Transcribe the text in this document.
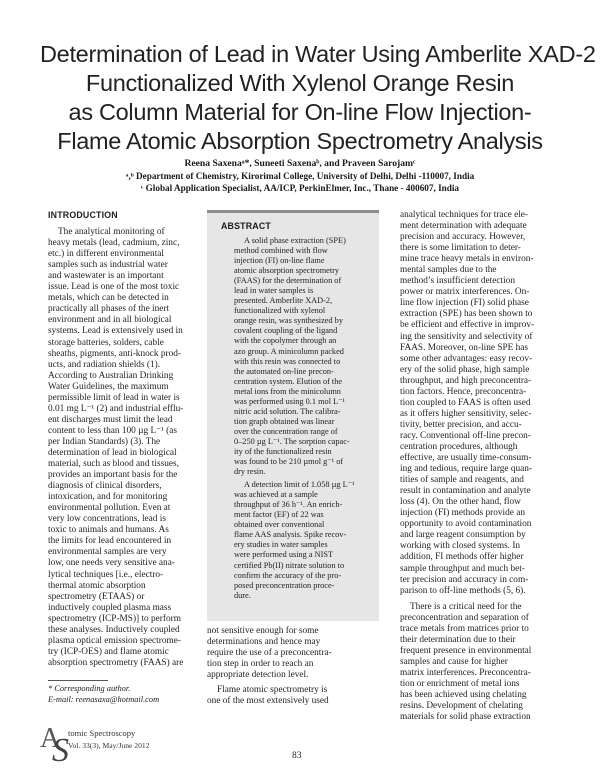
Determination of Lead in Water Using Amberlite XAD-2
Functionalized With Xylenol Orange Resin
as Column Material for On-line Flow Injection-
Flame Atomic Absorption Spectrometry Analysis
Reena Saxenaᵃ*, Suneeti Saxenaᵇ, and Praveen Sarojamᶜ
ᵃ,ᵇ Department of Chemistry, Kirorimal College, University of Delhi, Delhi -110007, India
ᶜ Global Application Specialist, AA/ICP, PerkinElmer, Inc., Thane - 400607, India
INTRODUCTION
The analytical monitoring of
heavy metals (lead, cadmium, zinc,
etc.) in different environmental
samples such as industrial water
and wastewater is an important
issue. Lead is one of the most toxic
metals, which can be detected in
practically all phases of the inert
environment and in all biological
systems. Lead is extensively used in
storage batteries, solders, cable
sheaths, pigments, anti-knock prod-
ucts, and radiation shields (1).
According to Australian Drinking
Water Guidelines, the maximum
permissible limit of lead in water is
0.01 mg L⁻¹ (2) and industrial efflu-
ent discharges must limit the lead
content to less than 100 µg L⁻¹ (as
per Indian Standards) (3). The
determination of lead in biological
material, such as blood and tissues,
provides an important basis for the
diagnosis of clinical disorders,
intoxication, and for monitoring
environmental pollution. Even at
very low concentrations, lead is
toxic to animals and humans. As
the limits for lead encountered in
environmental samples are very
low, one needs very sensitive ana-
lytical techniques [i.e., electro-
thermal atomic absorption
spectrometry (ETAAS) or
inductively coupled plasma mass
spectrometry (ICP-MS)] to perform
these analyses. Inductively coupled
plasma optical emission spectrome-
try (ICP-OES) and flame atomic
absorption spectrometry (FAAS) are
ABSTRACT

A solid phase extraction (SPE)
method combined with flow
injection (FI) on-line flame
atomic absorption spectrometry
(FAAS) for the determination of
lead in water samples is
presented. Amberlite XAD-2,
functionalized with xylenol
orange resin, was synthesized by
covalent coupling of the ligand
with the copolymer through an
azo group. A minicolumn packed
with this resin was connected to
the automated on-line precon-
centration system. Elution of the
metal ions from the minicolumn
was performed using 0.1 mol L⁻¹
nitric acid solution. The calibra-
tion graph obtained was linear
over the concentration range of
0–250 µg L⁻¹. The sorption capac-
ity of the functionalized resin
was found to be 210 µmol g⁻¹ of
dry resin.

A detection limit of 1.058 µg L⁻¹
was achieved at a sample
throughput of 36 h⁻¹. An enrich-
ment factor (EF) of 22 was
obtained over conventional
flame AAS analysis. Spike recov-
ery studies in water samples
were performed using a NIST
certified Pb(II) nitrate solution to
confirm the accuracy of the pro-
posed preconcentration proce-
dure.

not sensitive enough for some
determinations and hence may
require the use of a preconcentra-
tion step in order to reach an
appropriate detection level.
Flame atomic spectrometry is
one of the most extensively used
analytical techniques for trace ele-
ment determination with adequate
precision and accuracy. However,
there is some limitation to deter-
mine trace heavy metals in environ-
mental samples due to the
method’s insufficient detection
power or matrix interferences. On-
line flow injection (FI) solid phase
extraction (SPE) has been shown to
be efficient and effective in improv-
ing the sensitivity and selectivity of
FAAS. Moreover, on-line SPE has
some other advantages: easy recov-
ery of the solid phase, high sample
throughput, and high preconcentra-
tion factors. Hence, preconcentra-
tion coupled to FAAS is often used
as it offers higher sensitivity, selec-
tivity, better precision, and accu-
racy. Conventional off-line precon-
centration procedures, although
effective, are usually time-consum-
ing and tedious, require large quan-
tities of sample and reagents, and
result in contamination and analyte
loss (4). On the other hand, flow
injection (FI) methods provide an
opportunity to avoid contamination
and large reagent consumption by
working with closed systems. In
addition, FI methods offer higher
sample throughput and much bet-
ter precision and accuracy in com-
parison to off-line methods (5, 6).
There is a critical need for the
preconcentration and separation of
trace metals from matrices prior to
their determination due to their
frequent presence in environmental
samples and cause for higher
matrix interferences. Preconcentra-
tion or enrichment of metal ions
has been achieved using chelating
resins. Development of chelating
materials for solid phase extraction
* Corresponding author.
E-mail: reenasaxa@hotmail.com
A
S tomic Spectroscopy
Vol. 33(3), May/June 2012
83
